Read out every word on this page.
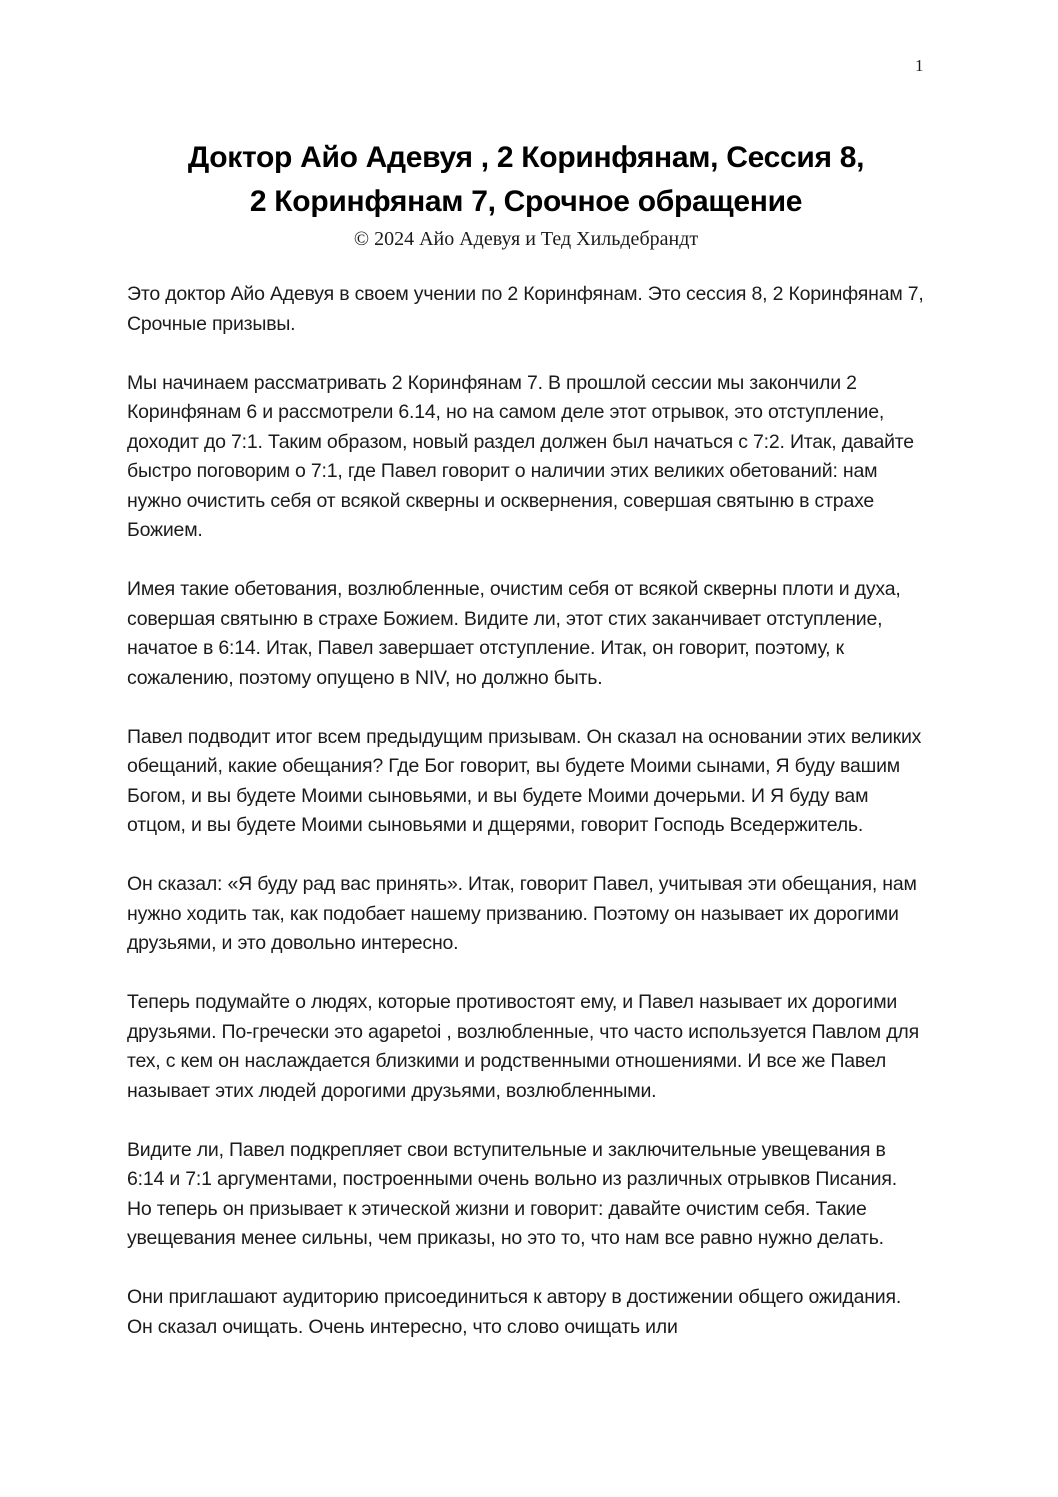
1
Доктор Айо Адевуя , 2 Коринфянам, Сессия 8,
2 Коринфянам 7, Срочное обращение
© 2024 Айо Адевуя и Тед Хильдебрандт

Это доктор Айо Адевуя в своем учении по 2 Коринфянам. Это сессия 8, 2 Коринфянам 7, Срочные призывы.

Мы начинаем рассматривать 2 Коринфянам 7. В прошлой сессии мы закончили 2 Коринфянам 6 и рассмотрели 6.14, но на самом деле этот отрывок, это отступление, доходит до 7:1. Таким образом, новый раздел должен был начаться с 7:2. Итак, давайте быстро поговорим о 7:1, где Павел говорит о наличии этих великих обетований: нам нужно очистить себя от всякой скверны и осквернения, совершая святыню в страхе Божием.

Имея такие обетования, возлюбленные, очистим себя от всякой скверны плоти и духа, совершая святыню в страхе Божием. Видите ли, этот стих заканчивает отступление, начатое в 6:14. Итак, Павел завершает отступление. Итак, он говорит, поэтому, к сожалению, поэтому опущено в NIV, но должно быть.

Павел подводит итог всем предыдущим призывам. Он сказал на основании этих великих обещаний, какие обещания? Где Бог говорит, вы будете Моими сынами, Я буду вашим Богом, и вы будете Моими сыновьями, и вы будете Моими дочерьми. И Я буду вам отцом, и вы будете Моими сыновьями и дщерями, говорит Господь Вседержитель.

Он сказал: «Я буду рад вас принять». Итак, говорит Павел, учитывая эти обещания, нам нужно ходить так, как подобает нашему призванию. Поэтому он называет их дорогими друзьями, и это довольно интересно.

Теперь подумайте о людях, которые противостоят ему, и Павел называет их дорогими друзьями. По-гречески это agapetoi , возлюбленные, что часто используется Павлом для тех, с кем он наслаждается близкими и родственными отношениями. И все же Павел называет этих людей дорогими друзьями, возлюбленными.

Видите ли, Павел подкрепляет свои вступительные и заключительные увещевания в 6:14 и 7:1 аргументами, построенными очень вольно из различных отрывков Писания. Но теперь он призывает к этической жизни и говорит: давайте очистим себя. Такие увещевания менее сильны, чем приказы, но это то, что нам все равно нужно делать.

Они приглашают аудиторию присоединиться к автору в достижении общего ожидания. Он сказал очищать. Очень интересно, что слово очищать или
